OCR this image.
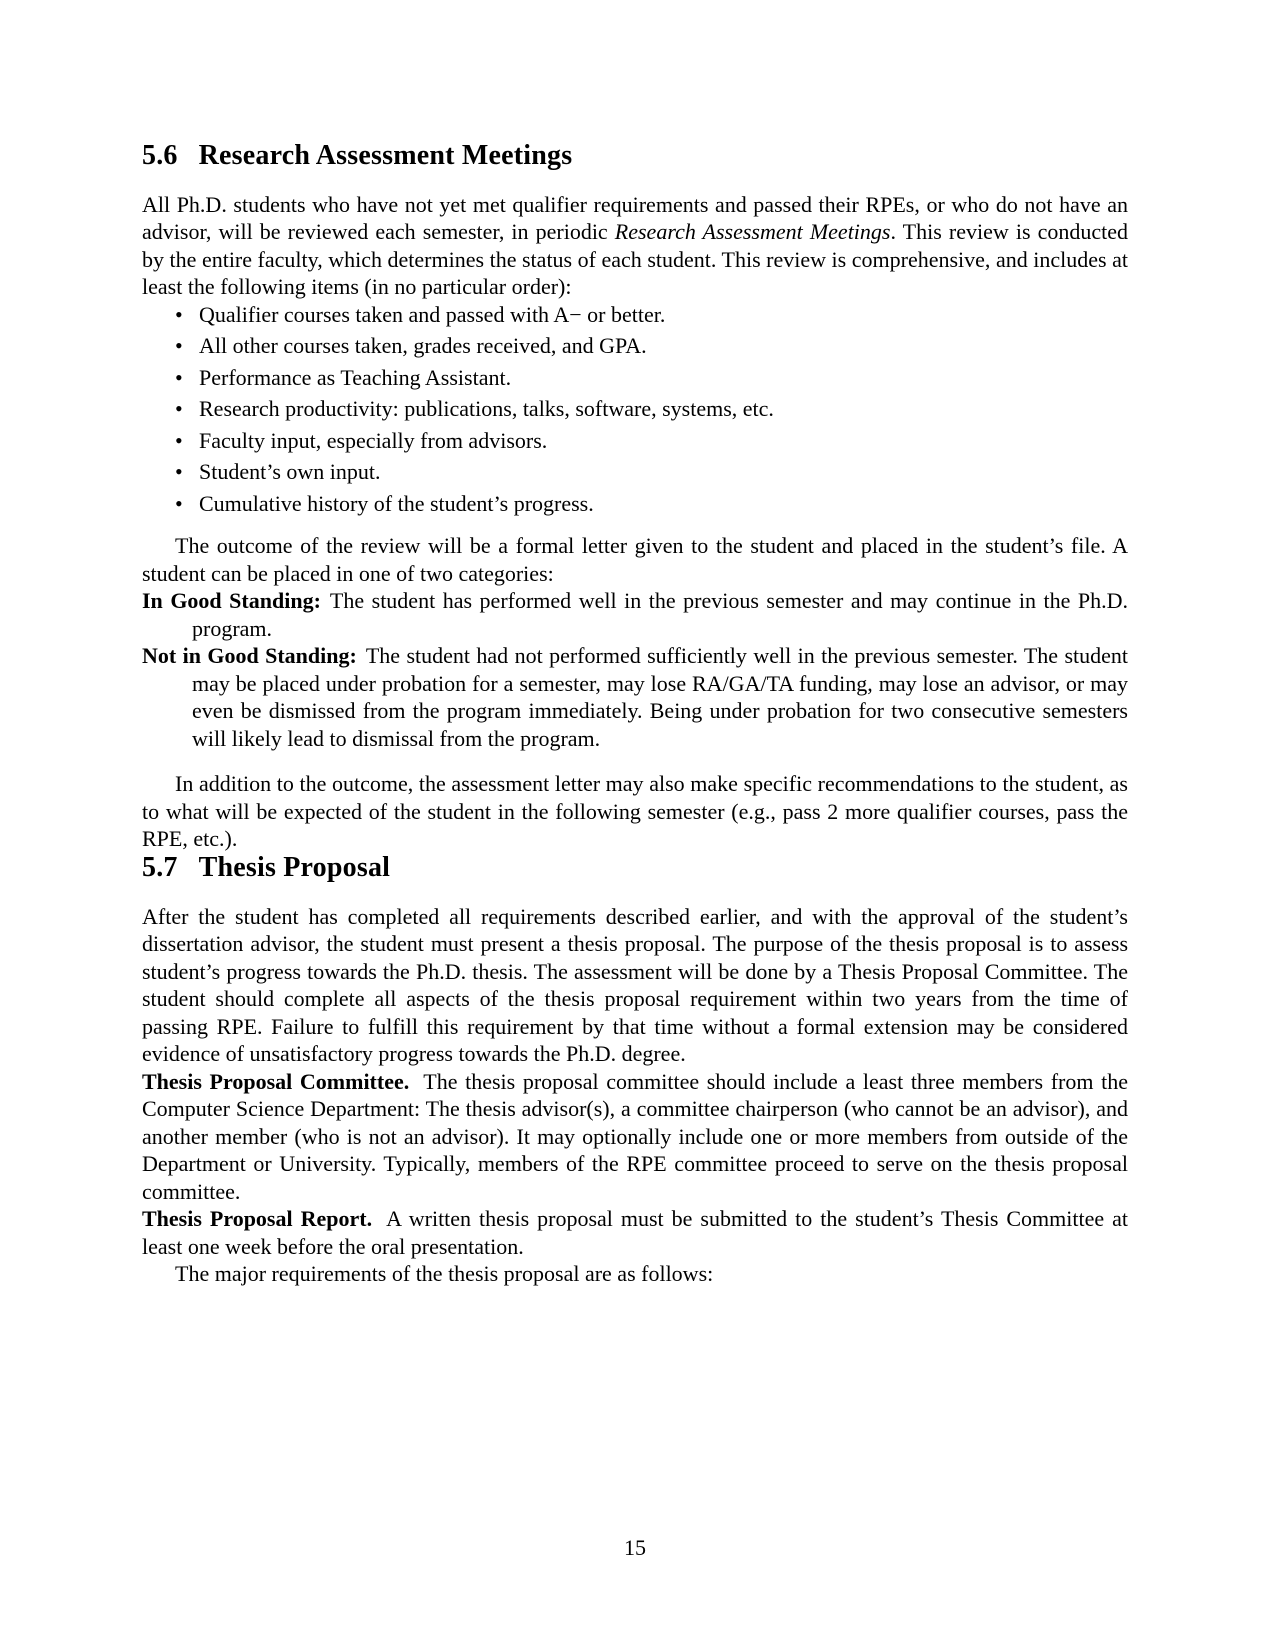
5.6 Research Assessment Meetings

All Ph.D. students who have not yet met qualifier requirements and passed their RPEs, or who do not have an advisor, will be reviewed each semester, in periodic Research Assessment Meetings. This review is conducted by the entire faculty, which determines the status of each student. This review is comprehensive, and includes at least the following items (in no particular order):

• Qualifier courses taken and passed with A− or better.
• All other courses taken, grades received, and GPA.
• Performance as Teaching Assistant.
• Research productivity: publications, talks, software, systems, etc.
• Faculty input, especially from advisors.
• Student’s own input.
• Cumulative history of the student’s progress.

The outcome of the review will be a formal letter given to the student and placed in the student’s file. A student can be placed in one of two categories:

In Good Standing: The student has performed well in the previous semester and may continue in the Ph.D. program.

Not in Good Standing: The student had not performed sufficiently well in the previous semester. The student may be placed under probation for a semester, may lose RA/GA/TA funding, may lose an advisor, or may even be dismissed from the program immediately. Being under probation for two consecutive semesters will likely lead to dismissal from the program.

In addition to the outcome, the assessment letter may also make specific recommendations to the student, as to what will be expected of the student in the following semester (e.g., pass 2 more qualifier courses, pass the RPE, etc.).

5.7 Thesis Proposal

After the student has completed all requirements described earlier, and with the approval of the student’s dissertation advisor, the student must present a thesis proposal. The purpose of the thesis proposal is to assess student’s progress towards the Ph.D. thesis. The assessment will be done by a Thesis Proposal Committee. The student should complete all aspects of the thesis proposal requirement within two years from the time of passing RPE. Failure to fulfill this requirement by that time without a formal extension may be considered evidence of unsatisfactory progress towards the Ph.D. degree.

Thesis Proposal Committee. The thesis proposal committee should include a least three members from the Computer Science Department: The thesis advisor(s), a committee chairperson (who cannot be an advisor), and another member (who is not an advisor). It may optionally include one or more members from outside of the Department or University. Typically, members of the RPE committee proceed to serve on the thesis proposal committee.

Thesis Proposal Report. A written thesis proposal must be submitted to the student’s Thesis Committee at least one week before the oral presentation.

The major requirements of the thesis proposal are as follows:

15
